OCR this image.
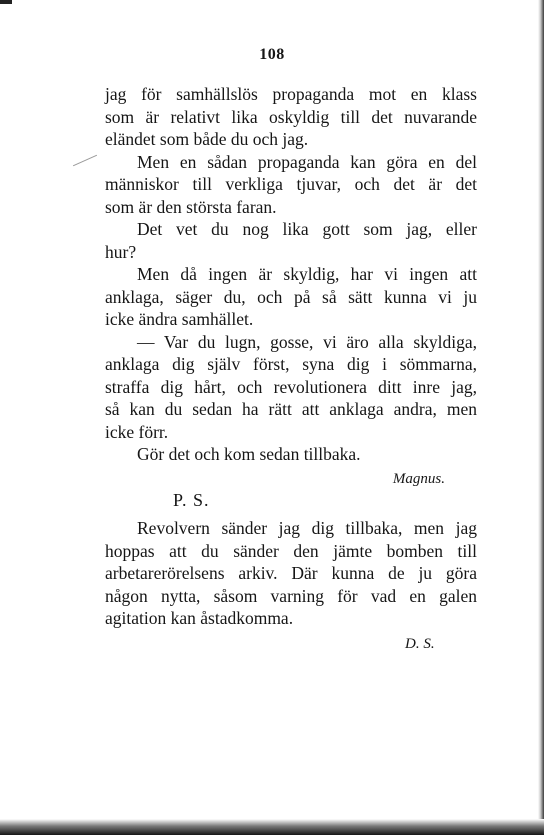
108
jag för samhällslös propaganda mot en klass
som är relativt lika oskyldig till det nuvarande
eländet som både du och jag.
Men en sådan propaganda kan göra en del
människor till verkliga tjuvar, och det är det
som är den största faran.
Det vet du nog lika gott som jag, eller
hur?
Men då ingen är skyldig, har vi ingen att
anklaga, säger du, och på så sätt kunna vi ju
icke ändra samhället.
— Var du lugn, gosse, vi äro alla skyldiga,
anklaga dig själv först, syna dig i sömmarna,
straffa dig hårt, och revolutionera ditt inre jag,
så kan du sedan ha rätt att anklaga andra, men
icke förr.
Gör det och kom sedan tillbaka.
Magnus.
P. S.
Revolvern sänder jag dig tillbaka, men jag
hoppas att du sänder den jämte bomben till
arbetarerörelsens arkiv. Där kunna de ju göra
någon nytta, såsom varning för vad en galen
agitation kan åstadkomma.
D. S.
